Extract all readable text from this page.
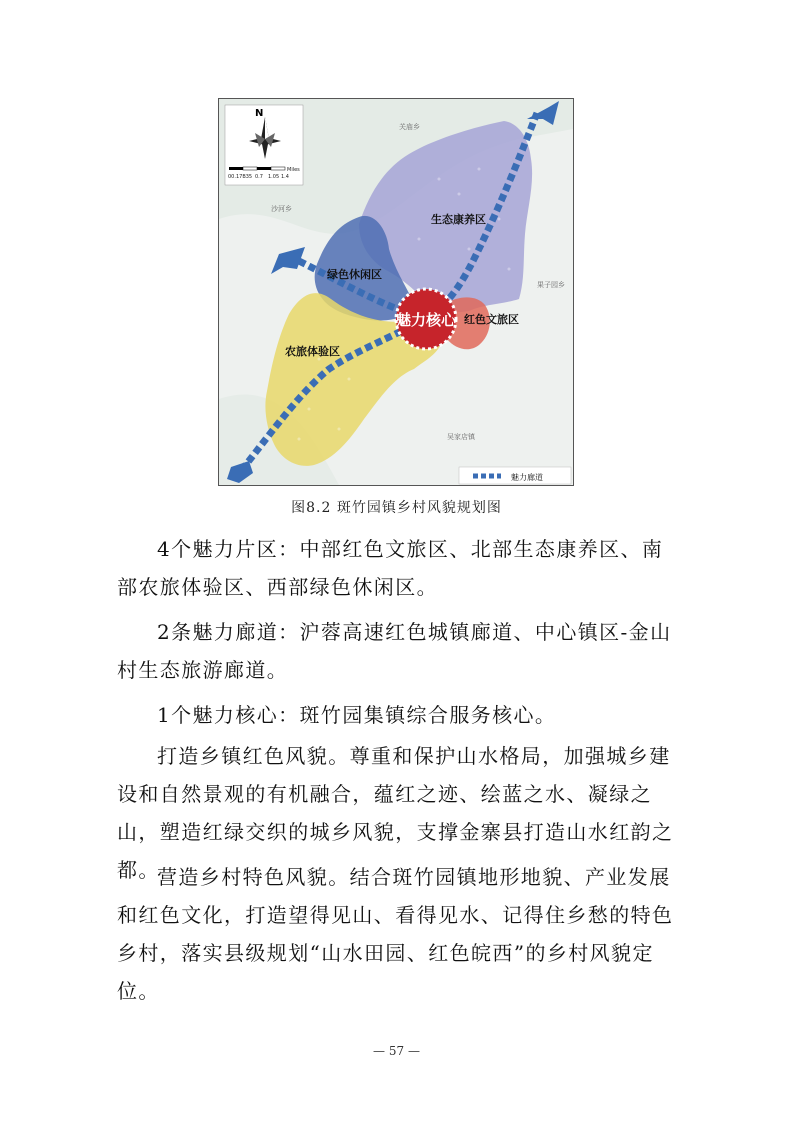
魅力核心
生态康养区
绿色休闲区
农旅体验区
红色文旅区
关庙乡
沙河乡
果子园乡
吴家店镇
N
00.17B35 0.7 1.05 1.4
Miles
魅力廊道
图8.2 斑竹园镇乡村风貌规划图

4个魅力片区：中部红色文旅区、北部生态康养区、南部农旅体验区、西部绿色休闲区。

2条魅力廊道：沪蓉高速红色城镇廊道、中心镇区-金山村生态旅游廊道。

1个魅力核心：斑竹园集镇综合服务核心。

打造乡镇红色风貌。尊重和保护山水格局，加强城乡建设和自然景观的有机融合，蕴红之迹、绘蓝之水、凝绿之山，塑造红绿交织的城乡风貌，支撑金寨县打造山水红韵之都。

营造乡村特色风貌。结合斑竹园镇地形地貌、产业发展和红色文化，打造望得见山、看得见水、记得住乡愁的特色乡村，落实县级规划“山水田园、红色皖西”的乡村风貌定位。

— 57 —
